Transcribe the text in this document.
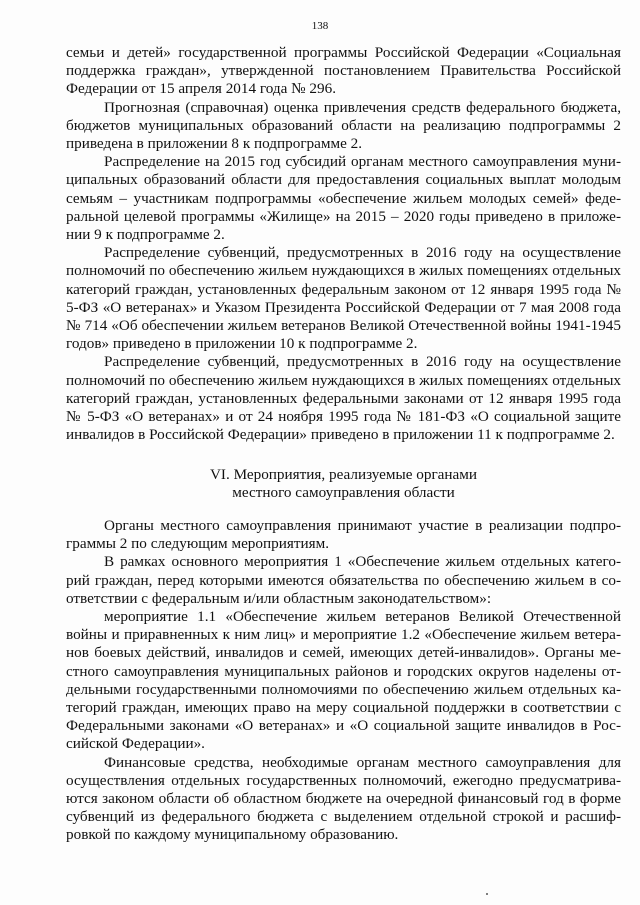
138

семьи и детей» государственной программы Российской Федерации «Социальная поддержка граждан», утвержденной постановлением Правительства Российской Федерации от 15 апреля 2014 года № 296.

Прогнозная (справочная) оценка привлечения средств федерального бюджета, бюджетов муниципальных образований области на реализацию подпрограммы 2 приведена в приложении 8 к подпрограмме 2.

Распределение на 2015 год субсидий органам местного самоуправления муниципальных образований области для предоставления социальных выплат молодым семьям – участникам подпрограммы «обеспечение жильем молодых семей» федеральной целевой программы «Жилище» на 2015 – 2020 годы приведено в приложении 9 к подпрограмме 2.

Распределение субвенций, предусмотренных в 2016 году на осуществление полномочий по обеспечению жильем нуждающихся в жилых помещениях отдельных категорий граждан, установленных федеральным законом от 12 января 1995 года № 5-ФЗ «О ветеранах» и Указом Президента Российской Федерации от 7 мая 2008 года № 714 «Об обеспечении жильем ветеранов Великой Отечественной войны 1941-1945 годов» приведено в приложении 10 к подпрограмме 2.

Распределение субвенций, предусмотренных в 2016 году на осуществление полномочий по обеспечению жильем нуждающихся в жилых помещениях отдельных категорий граждан, установленных федеральными законами от 12 января 1995 года № 5-ФЗ «О ветеранах» и от 24 ноября 1995 года № 181-ФЗ «О социальной защите инвалидов в Российской Федерации» приведено в приложении 11 к подпрограмме 2.

VI. Мероприятия, реализуемые органами
местного самоуправления области

Органы местного самоуправления принимают участие в реализации подпрограммы 2 по следующим мероприятиям.

В рамках основного мероприятия 1 «Обеспечение жильем отдельных категорий граждан, перед которыми имеются обязательства по обеспечению жильем в соответствии с федеральным и/или областным законодательством»:

мероприятие 1.1 «Обеспечение жильем ветеранов Великой Отечественной войны и приравненных к ним лиц» и мероприятие 1.2 «Обеспечение жильем ветеранов боевых действий, инвалидов и семей, имеющих детей-инвалидов». Органы местного самоуправления муниципальных районов и городских округов наделены отдельными государственными полномочиями по обеспечению жильем отдельных категорий граждан, имеющих право на меру социальной поддержки в соответствии с Федеральными законами «О ветеранах» и «О социальной защите инвалидов в Российской Федерации».

Финансовые средства, необходимые органам местного самоуправления для осуществления отдельных государственных полномочий, ежегодно предусматриваются законом области об областном бюджете на очередной финансовый год в форме субвенций из федерального бюджета с выделением отдельной строкой и расшифровкой по каждому муниципальному образованию.
